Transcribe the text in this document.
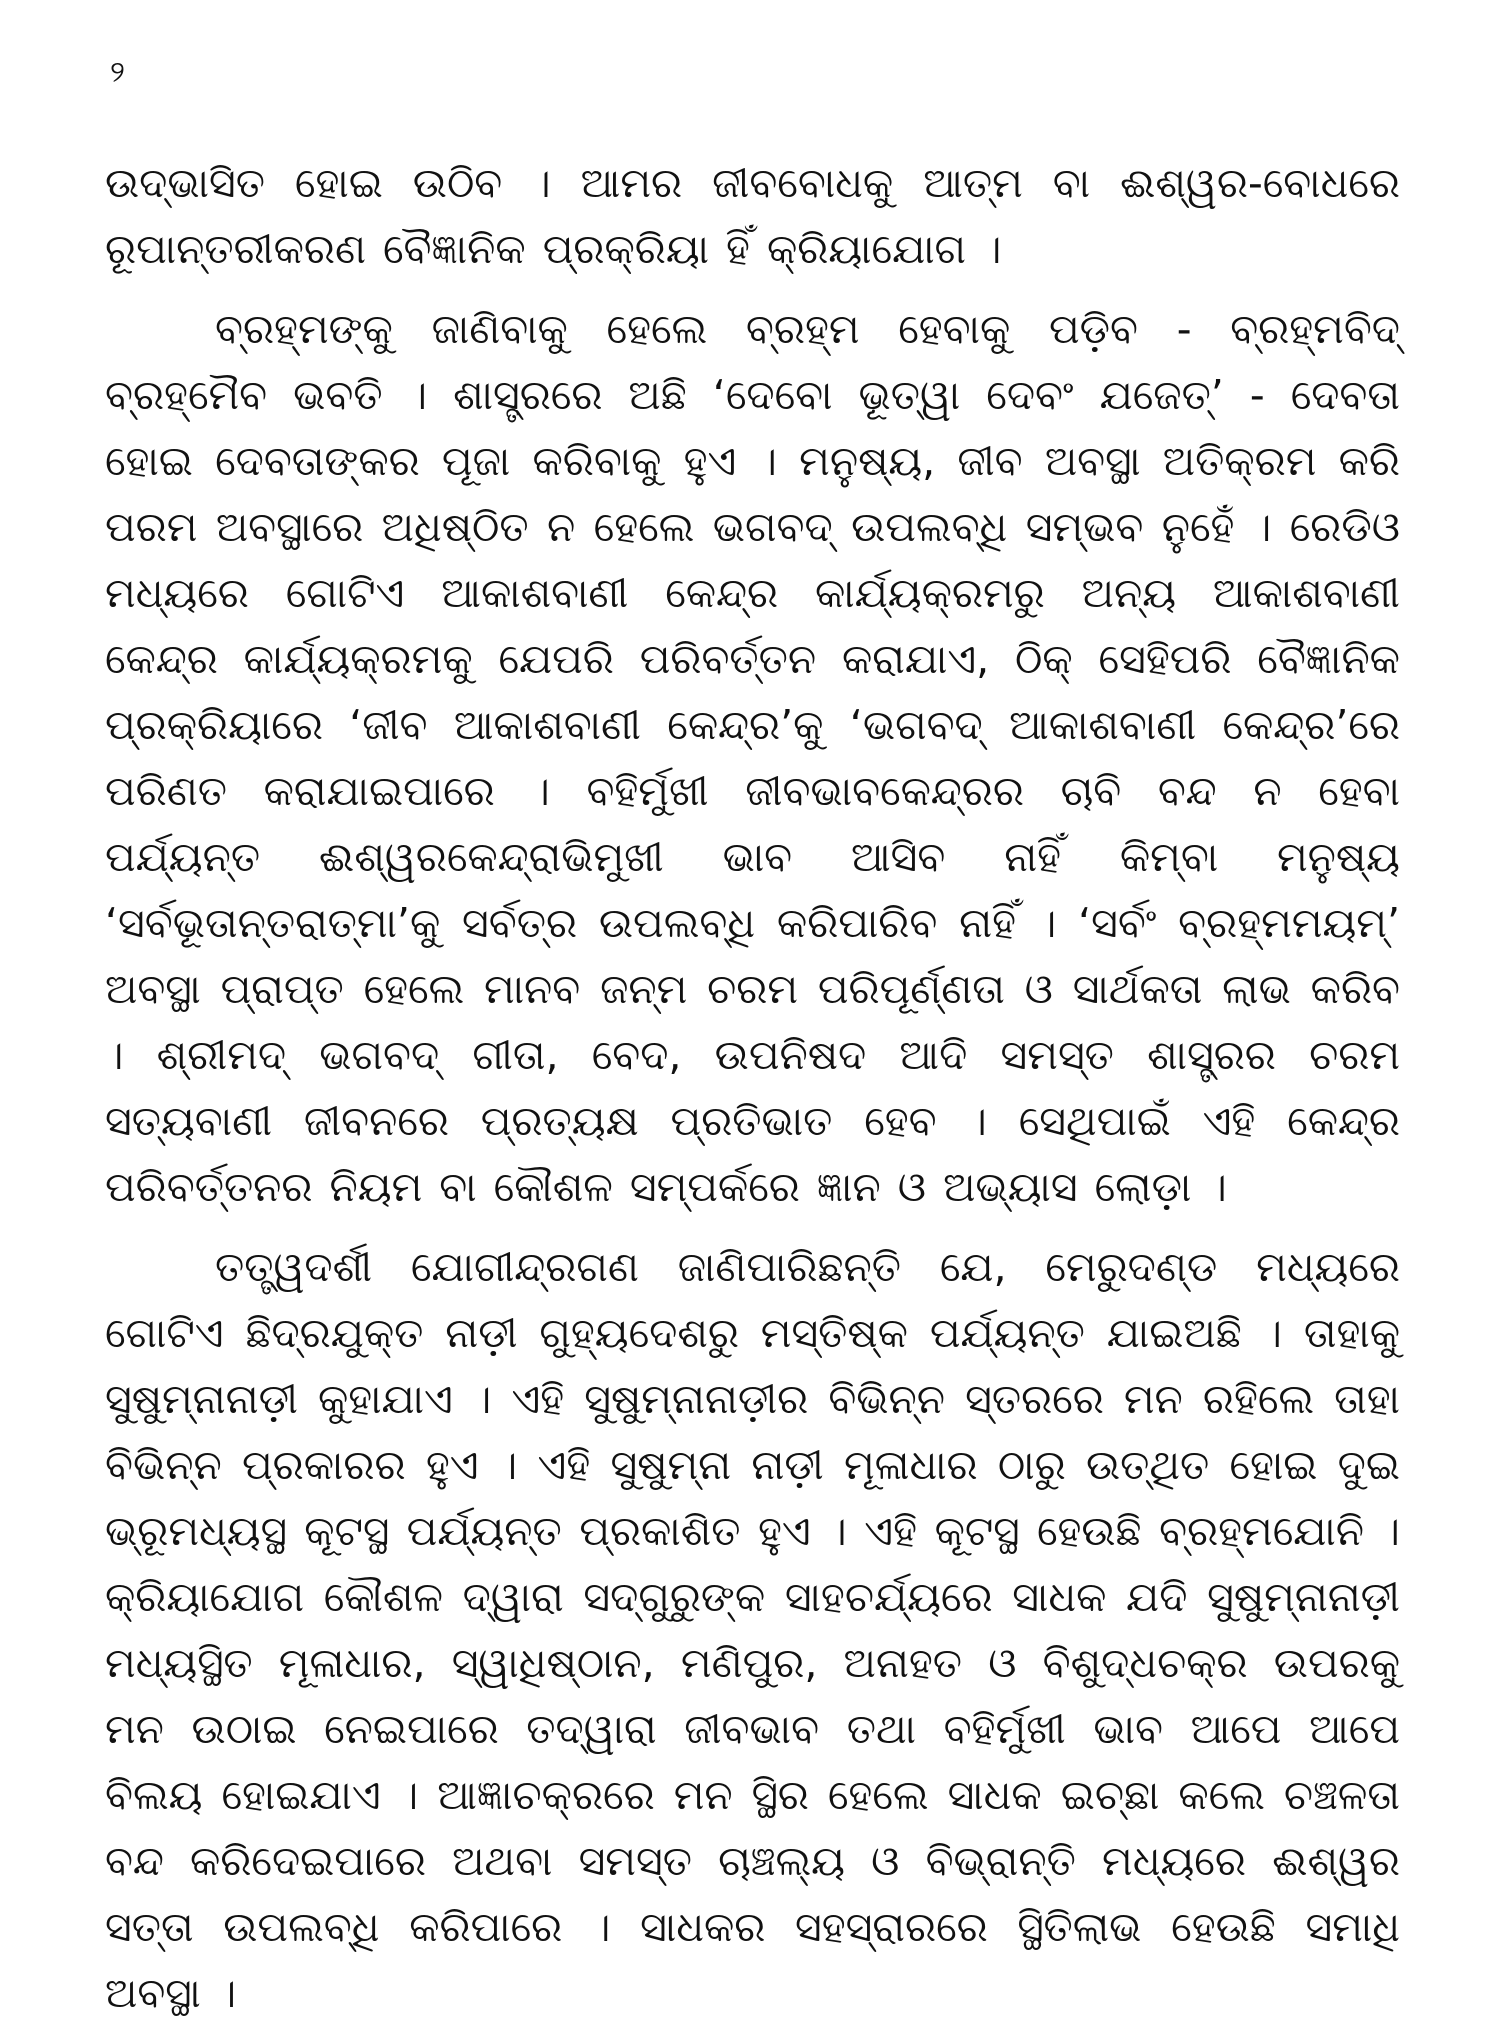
୨

ଉଦ୍‌ଭାସିତ ହୋଇ ଉଠିବ । ଆମର ଜୀବବୋଧକୁ ଆତ୍ମ ବା ଈଶ୍ୱର-ବୋଧରେ ରୂପାନ୍ତରୀକରଣ ବୈଜ୍ଞାନିକ ପ୍ରକ୍ରିୟା ହିଁ କ୍ରିୟାଯୋଗ ।

ବ୍ରହ୍ମଙ୍କୁ ଜାଣିବାକୁ ହେଲେ ବ୍ରହ୍ମ ହେବାକୁ ପଡ଼ିବ - ବ୍ରହ୍ମବିଦ୍ ବ୍ରହ୍ମୈବ ଭବତି । ଶାସ୍ତ୍ରରେ ଅଛି ‘ଦେବୋ ଭୂତ୍ୱା ଦେବଂ ଯଜେତ୍’ - ଦେବତା ହୋଇ ଦେବତାଙ୍କର ପୂଜା କରିବାକୁ ହୁଏ । ମନୁଷ୍ୟ, ଜୀବ ଅବସ୍ଥା ଅତିକ୍ରମ କରି ପରମ ଅବସ୍ଥାରେ ଅଧିଷ୍ଠିତ ନ ହେଲେ ଭଗବଦ୍ ଉପଲବ୍ଧି ସମ୍ଭବ ନୁହେଁ । ରେଡିଓ ମଧ୍ୟରେ ଗୋଟିଏ ଆକାଶବାଣୀ କେନ୍ଦ୍ର କାର୍ଯ୍ୟକ୍ରମରୁ ଅନ୍ୟ ଆକାଶବାଣୀ କେନ୍ଦ୍ର କାର୍ଯ୍ୟକ୍ରମକୁ ଯେପରି ପରିବର୍ତ୍ତନ କରାଯାଏ, ଠିକ୍ ସେହିପରି ବୈଜ୍ଞାନିକ ପ୍ରକ୍ରିୟାରେ ‘ଜୀବ ଆକାଶବାଣୀ କେନ୍ଦ୍ର’କୁ ‘ଭଗବଦ୍ ଆକାଶବାଣୀ କେନ୍ଦ୍ର’ରେ ପରିଣତ କରାଯାଇପାରେ । ବହିର୍ମୁଖୀ ଜୀବଭାବକେନ୍ଦ୍ରର ଚାବି ବନ୍ଦ ନ ହେବା ପର୍ଯ୍ୟନ୍ତ ଈଶ୍ୱରକେନ୍ଦ୍ରାଭିମୁଖୀ ଭାବ ଆସିବ ନାହିଁ କିମ୍ବା ମନୁଷ୍ୟ ‘ସର୍ବଭୂତାନ୍ତରାତ୍ମା’କୁ ସର୍ବତ୍ର ଉପଲବ୍ଧି କରିପାରିବ ନାହିଁ । ‘ସର୍ବଂ ବ୍ରହ୍ମମୟମ୍’ ଅବସ୍ଥା ପ୍ରାପ୍ତ ହେଲେ ମାନବ ଜନ୍ମ ଚରମ ପରିପୂର୍ଣ୍ଣତା ଓ ସାର୍ଥକତା ଲାଭ କରିବ । ଶ୍ରୀମଦ୍ ଭଗବଦ୍ ଗୀତା, ବେଦ, ଉପନିଷଦ ଆଦି ସମସ୍ତ ଶାସ୍ତ୍ରର ଚରମ ସତ୍ୟବାଣୀ ଜୀବନରେ ପ୍ରତ୍ୟକ୍ଷ ପ୍ରତିଭାତ ହେବ । ସେଥିପାଇଁ ଏହି କେନ୍ଦ୍ର ପରିବର୍ତ୍ତନର ନିୟମ ବା କୌଶଳ ସମ୍ପର୍କରେ ଜ୍ଞାନ ଓ ଅଭ୍ୟାସ ଲୋଡ଼ା ।

ତତ୍ତ୍ୱଦର୍ଶୀ ଯୋଗୀନ୍ଦ୍ରଗଣ ଜାଣିପାରିଛନ୍ତି ଯେ, ମେରୁଦଣ୍ଡ ମଧ୍ୟରେ ଗୋଟିଏ ଛିଦ୍ରଯୁକ୍ତ ନାଡ଼ୀ ଗୁହ୍ୟଦେଶରୁ ମସ୍ତିଷ୍କ ପର୍ଯ୍ୟନ୍ତ ଯାଇଅଛି । ତାହାକୁ ସୁଷୁମ୍ନାନାଡ଼ୀ କୁହାଯାଏ । ଏହି ସୁଷୁମ୍ନାନାଡ଼ୀର ବିଭିନ୍ନ ସ୍ତରରେ ମନ ରହିଲେ ତାହା ବିଭିନ୍ନ ପ୍ରକାରର ହୁଏ । ଏହି ସୁଷୁମ୍ନା ନାଡ଼ୀ ମୂଳାଧାର ଠାରୁ ଉତ୍‌ଥିତ ହୋଇ ଦୁଇ ଭ୍ରୂମଧ୍ୟସ୍ଥ କୂଟସ୍ଥ ପର୍ଯ୍ୟନ୍ତ ପ୍ରକାଶିତ ହୁଏ । ଏହି କୂଟସ୍ଥ ହେଉଛି ବ୍ରହ୍ମଯୋନି । କ୍ରିୟାଯୋଗ କୌଶଳ ଦ୍ୱାରା ସଦ୍‌ଗୁରୁଙ୍କ ସାହଚର୍ଯ୍ୟରେ ସାଧକ ଯଦି ସୁଷୁମ୍ନାନାଡ଼ୀ ମଧ୍ୟସ୍ଥିତ ମୂଳାଧାର, ସ୍ୱାଧିଷ୍ଠାନ, ମଣିପୁର, ଅନାହତ ଓ ବିଶୁଦ୍ଧଚକ୍ର ଉପରକୁ ମନ ଉଠାଇ ନେଇପାରେ ତଦ୍ୱାରା ଜୀବଭାବ ତଥା ବହିର୍ମୁଖୀ ଭାବ ଆପେ ଆପେ ବିଲୟ ହୋଇଯାଏ । ଆଜ୍ଞାଚକ୍ରରେ ମନ ସ୍ଥିର ହେଲେ ସାଧକ ଇଚ୍ଛା କଲେ ଚଞ୍ଚଳତା ବନ୍ଦ କରିଦେଇପାରେ ଅଥବା ସମସ୍ତ ଚାଞ୍ଚଲ୍ୟ ଓ ବିଭ୍ରାନ୍ତି ମଧ୍ୟରେ ଈଶ୍ୱର ସତ୍ତା ଉପଲବ୍ଧି କରିପାରେ । ସାଧକର ସହସ୍ରାରରେ ସ୍ଥିତିଲାଭ ହେଉଛି ସମାଧି ଅବସ୍ଥା ।
